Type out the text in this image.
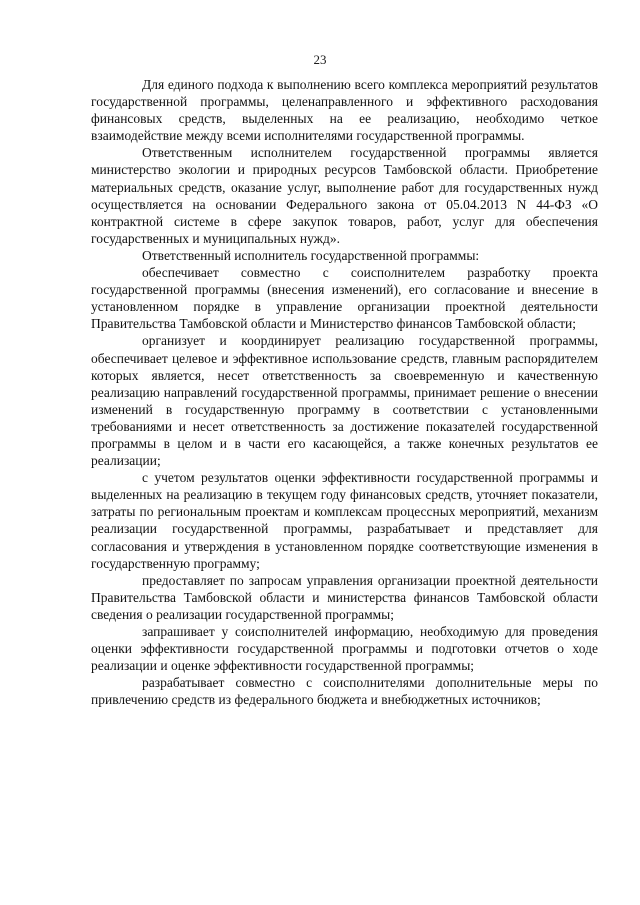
23

Для единого подхода к выполнению всего комплекса мероприятий результатов государственной программы, целенаправленного и эффективного расходования финансовых средств, выделенных на ее реализацию, необходимо четкое взаимодействие между всеми исполнителями государственной программы.

Ответственным исполнителем государственной программы является министерство экологии и природных ресурсов Тамбовской области. Приобретение материальных средств, оказание услуг, выполнение работ для государственных нужд осуществляется на основании Федерального закона от 05.04.2013 N 44-ФЗ «О контрактной системе в сфере закупок товаров, работ, услуг для обеспечения государственных и муниципальных нужд».

Ответственный исполнитель государственной программы:

обеспечивает совместно с соисполнителем разработку проекта государственной программы (внесения изменений), его согласование и внесение в установленном порядке в управление организации проектной деятельности Правительства Тамбовской области и Министерство финансов Тамбовской области;

организует и координирует реализацию государственной программы, обеспечивает целевое и эффективное использование средств, главным распорядителем которых является, несет ответственность за своевременную и качественную реализацию направлений государственной программы, принимает решение о внесении изменений в государственную программу в соответствии с установленными требованиями и несет ответственность за достижение показателей государственной программы в целом и в части его касающейся, а также конечных результатов ее реализации;

с учетом результатов оценки эффективности государственной программы и выделенных на реализацию в текущем году финансовых средств, уточняет показатели, затраты по региональным проектам и комплексам процессных мероприятий, механизм реализации государственной программы, разрабатывает и представляет для согласования и утверждения в установленном порядке соответствующие изменения в государственную программу;

предоставляет по запросам управления организации проектной деятельности Правительства Тамбовской области и министерства финансов Тамбовской области сведения о реализации государственной программы;

запрашивает у соисполнителей информацию, необходимую для проведения оценки эффективности государственной программы и подготовки отчетов о ходе реализации и оценке эффективности государственной программы;

разрабатывает совместно с соисполнителями дополнительные меры по привлечению средств из федерального бюджета и внебюджетных источников;
